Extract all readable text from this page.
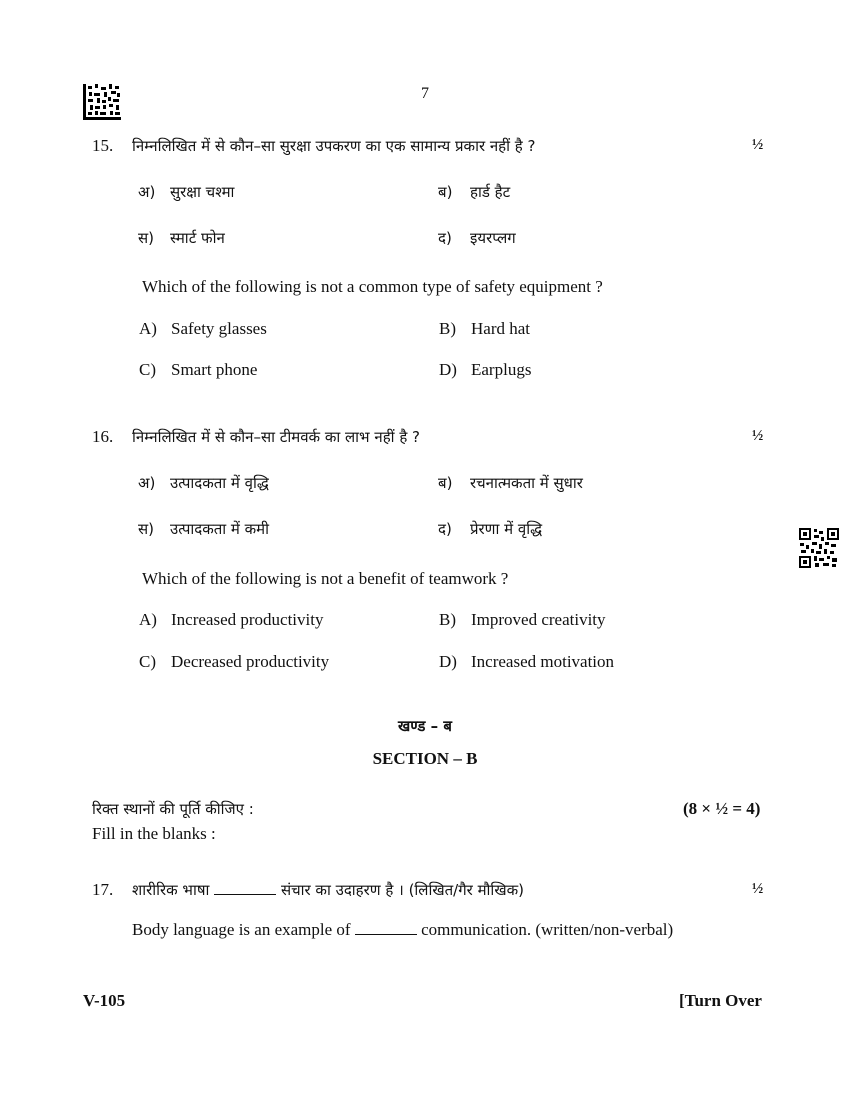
7
15. निम्नलिखित में से कौन–सा सुरक्षा उपकरण का एक सामान्य प्रकार नहीं है ?	½
अ) सुरक्षा चश्मा	ब) हार्ड हैट
स) स्मार्ट फोन	द) इयरप्लग
Which of the following is not a common type of safety equipment ?
A) Safety glasses	B) Hard hat
C) Smart phone	D) Earplugs
16. निम्नलिखित में से कौन–सा टीमवर्क का लाभ नहीं है ?	½
अ) उत्पादकता में वृद्धि	ब) रचनात्मकता में सुधार
स) उत्पादकता में कमी	द) प्रेरणा में वृद्धि
Which of the following is not a benefit of teamwork ?
A) Increased productivity	B) Improved creativity
C) Decreased productivity	D) Increased motivation
खण्ड – ब
SECTION – B
रिक्त स्थानों की पूर्ति कीजिए :	(8 × ½ = 4)
Fill in the blanks :
17. शारीरिक भाषा	संचार का उदाहरण है । (लिखित/गैर मौखिक)	½
Body language is an example of	communication. (written/non-verbal)
V-105	[Turn Over
